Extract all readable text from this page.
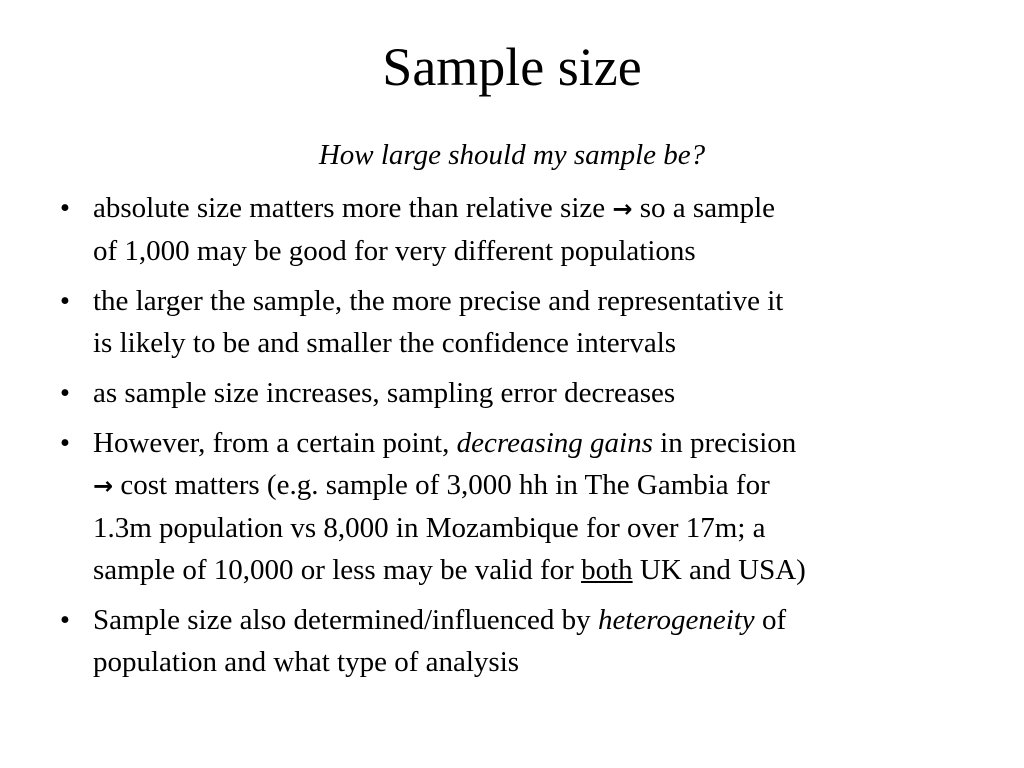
Sample size

How large should my sample be?

• absolute size matters more than relative size → so a sample
of 1,000 may be good for very different populations
• the larger the sample, the more precise and representative it
is likely to be and smaller the confidence intervals
• as sample size increases, sampling error decreases
• However, from a certain point, decreasing gains in precision
→ cost matters (e.g. sample of 3,000 hh in The Gambia for
1.3m population vs 8,000 in Mozambique for over 17m; a
sample of 10,000 or less may be valid for both UK and USA)
• Sample size also determined/influenced by heterogeneity of
population and what type of analysis
